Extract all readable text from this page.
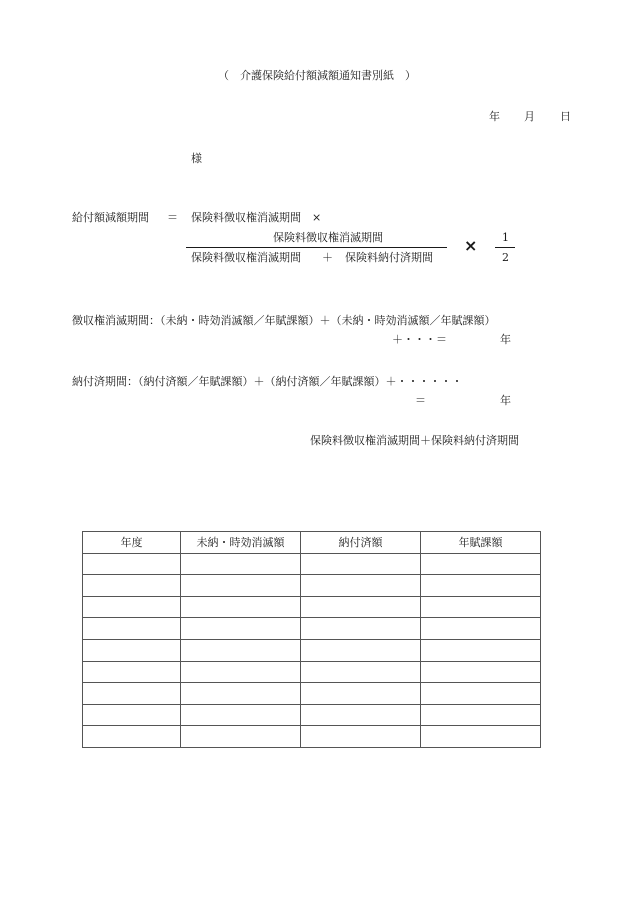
（　介護保険給付額減額通知書別紙　）
年 月 日
様
給付額減額期間 ＝ 保険料徴収権消滅期間　×
保険料徴収権消滅期間
保険料徴収権消滅期間 ＋ 保険料納付済期間
× 1
2
徴収権消滅期間：（未納・時効消滅額／年賦課額）＋（未納・時効消滅額／年賦課額）
＋・・・＝	年
納付済期間：（納付済額／年賦課額）＋（納付済額／年賦課額）＋・・・・・・
＝	年
保険料徴収権消滅期間＋保険料納付済期間
年度	未納・時効消滅額	納付済額	年賦課額
